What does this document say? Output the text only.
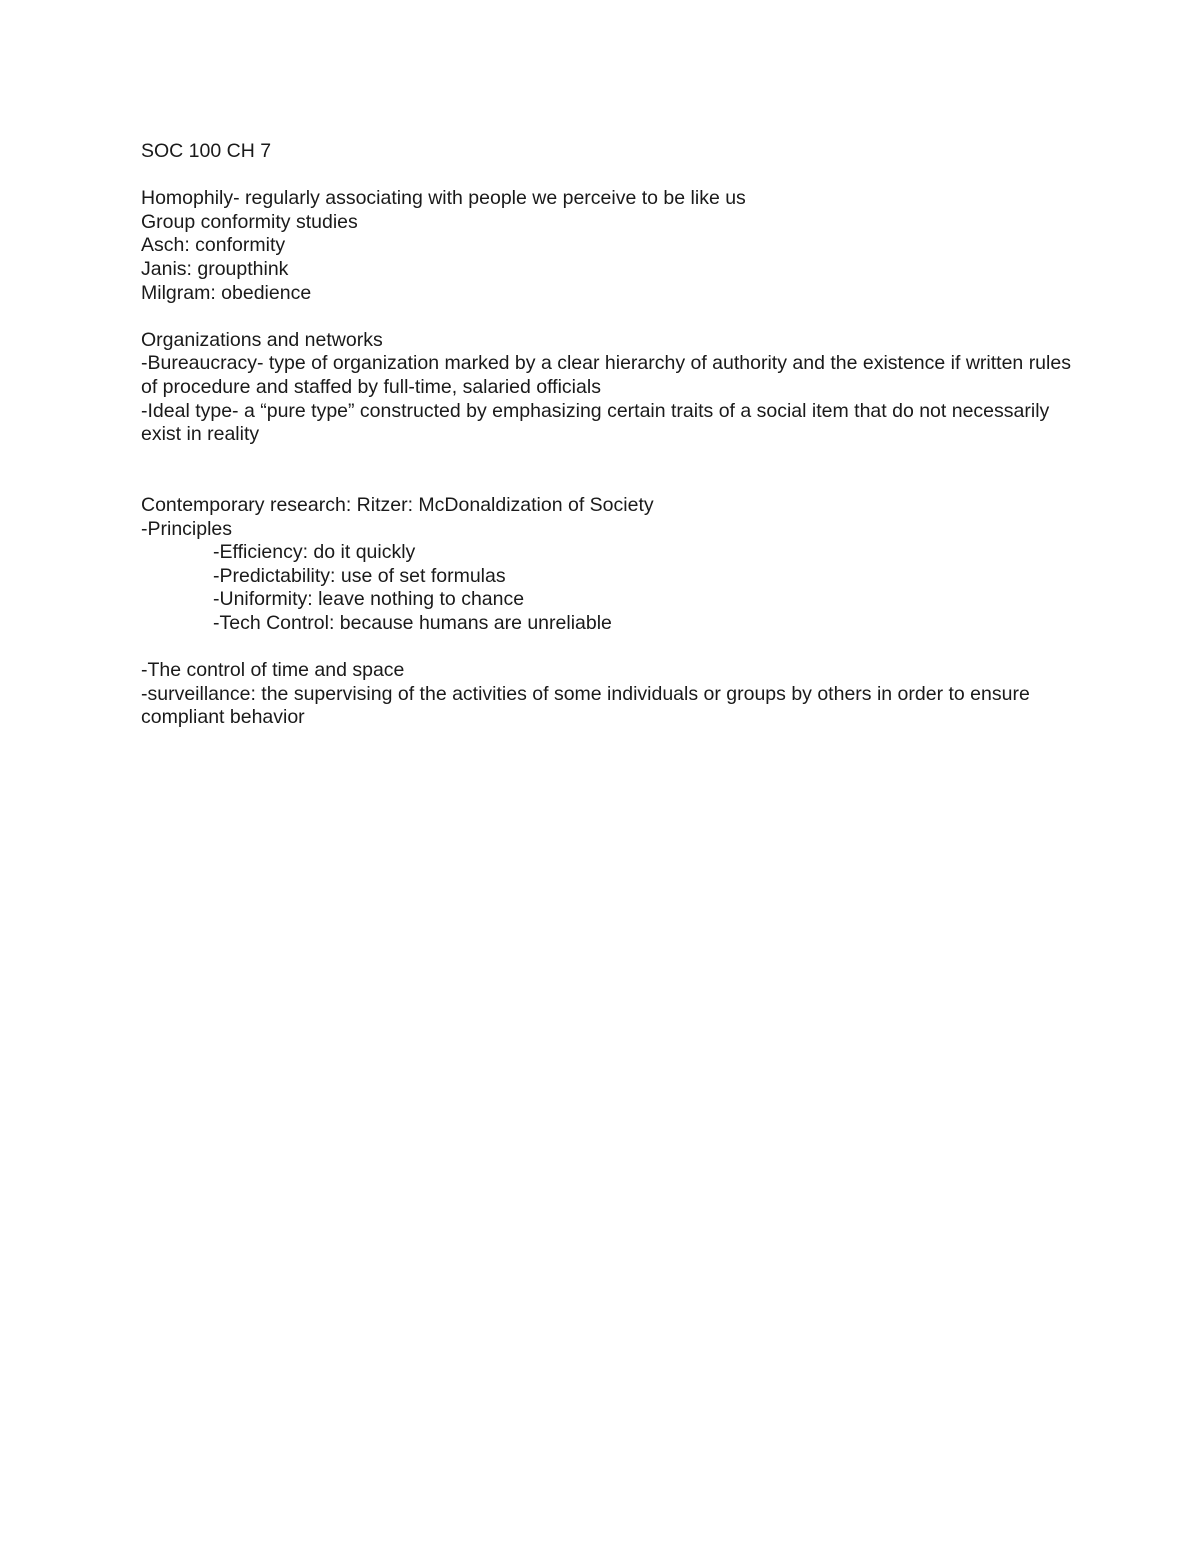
SOC 100 CH 7
Homophily- regularly associating with people we perceive to be like us
Group conformity studies
Asch: conformity
Janis: groupthink
Milgram: obedience
Organizations and networks
-Bureaucracy- type of organization marked by a clear hierarchy of authority and the existence if written rules of procedure and staffed by full-time, salaried officials
-Ideal type- a “pure type” constructed by emphasizing certain traits of a social item that do not necessarily exist in reality
Contemporary research: Ritzer: McDonaldization of Society
-Principles
-Efficiency: do it quickly
-Predictability: use of set formulas
-Uniformity: leave nothing to chance
-Tech Control: because humans are unreliable
-The control of time and space
-surveillance: the supervising of the activities of some individuals or groups by others in order to ensure compliant behavior
